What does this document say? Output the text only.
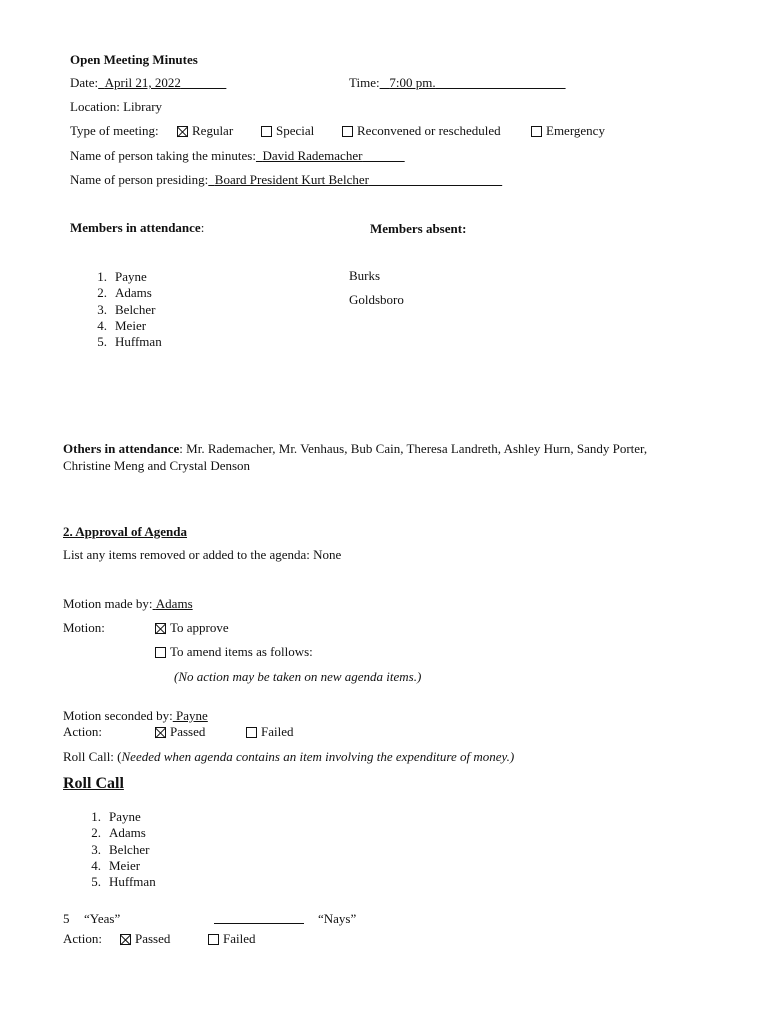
Open Meeting Minutes
Date: April 21, 2022	Time: 7:00 pm.
Location: Library
Type of meeting:	Regular	Special	Reconvened or rescheduled	Emergency
Name of person taking the minutes: David Rademacher
Name of person presiding: Board President Kurt Belcher
Members in attendance:	Members absent:
1. Payne
2. Adams
3. Belcher
4. Meier
5. Huffman
Burks
Goldsboro
Others in attendance: Mr. Rademacher, Mr. Venhaus, Bub Cain, Theresa Landreth, Ashley Hurn, Sandy Porter,
Christine Meng and Crystal Denson
2. Approval of Agenda
List any items removed or added to the agenda: None
Motion made by: Adams
Motion:	To approve
To amend items as follows:
(No action may be taken on new agenda items.)
Motion seconded by: Payne
Action:	Passed	Failed
Roll Call: (Needed when agenda contains an item involving the expenditure of money.)
Roll Call
1. Payne
2. Adams
3. Belcher
4. Meier
5. Huffman
5 “Yeas”	“Nays”
Action:	Passed	Failed
